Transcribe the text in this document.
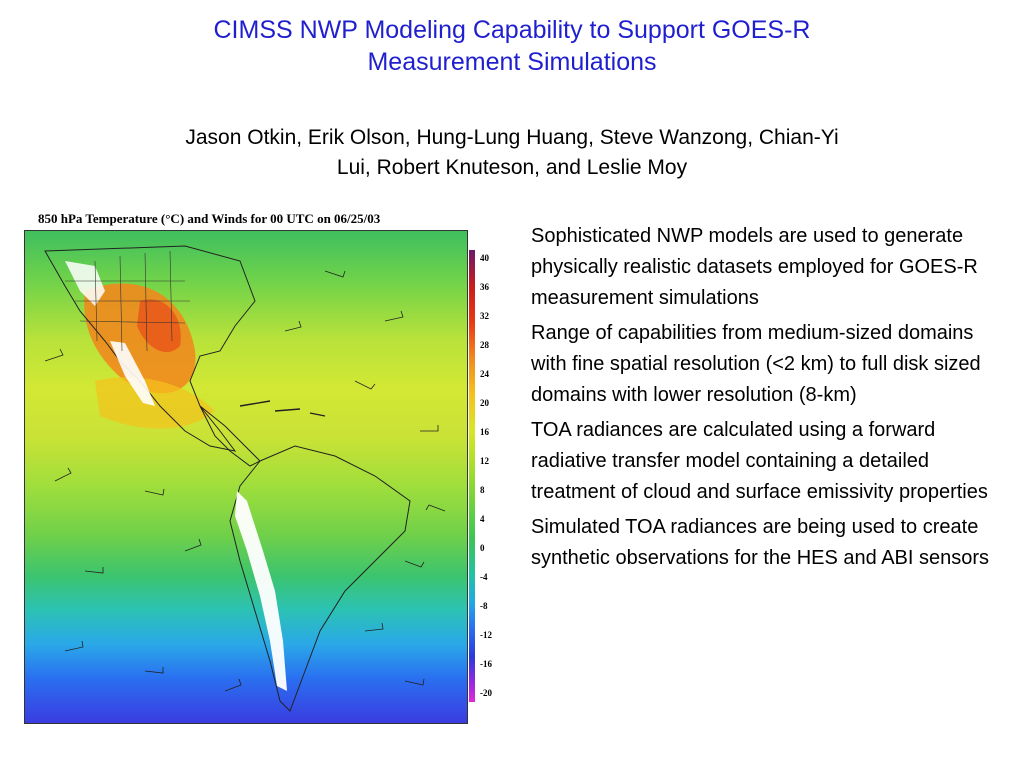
CIMSS NWP Modeling Capability to Support GOES-R
Measurement Simulations
Jason Otkin, Erik Olson, Hung-Lung Huang, Steve Wanzong, Chian-Yi
Lui, Robert Knuteson, and Leslie Moy
850 hPa Temperature (°C) and Winds for 00 UTC on 06/25/03
40
36
32
28
24
20
16
12
8
4
0
-4
-8
-12
-16
-20

Sophisticated NWP models are used to generate physically realistic datasets employed for GOES-R measurement simulations

Range of capabilities from medium-sized domains with fine spatial resolution (<2 km) to full disk sized domains with lower resolution (8-km)

TOA radiances are calculated using a forward radiative transfer model containing a detailed treatment of cloud and surface emissivity properties

Simulated TOA radiances are being used to create synthetic observations for the HES and ABI sensors
